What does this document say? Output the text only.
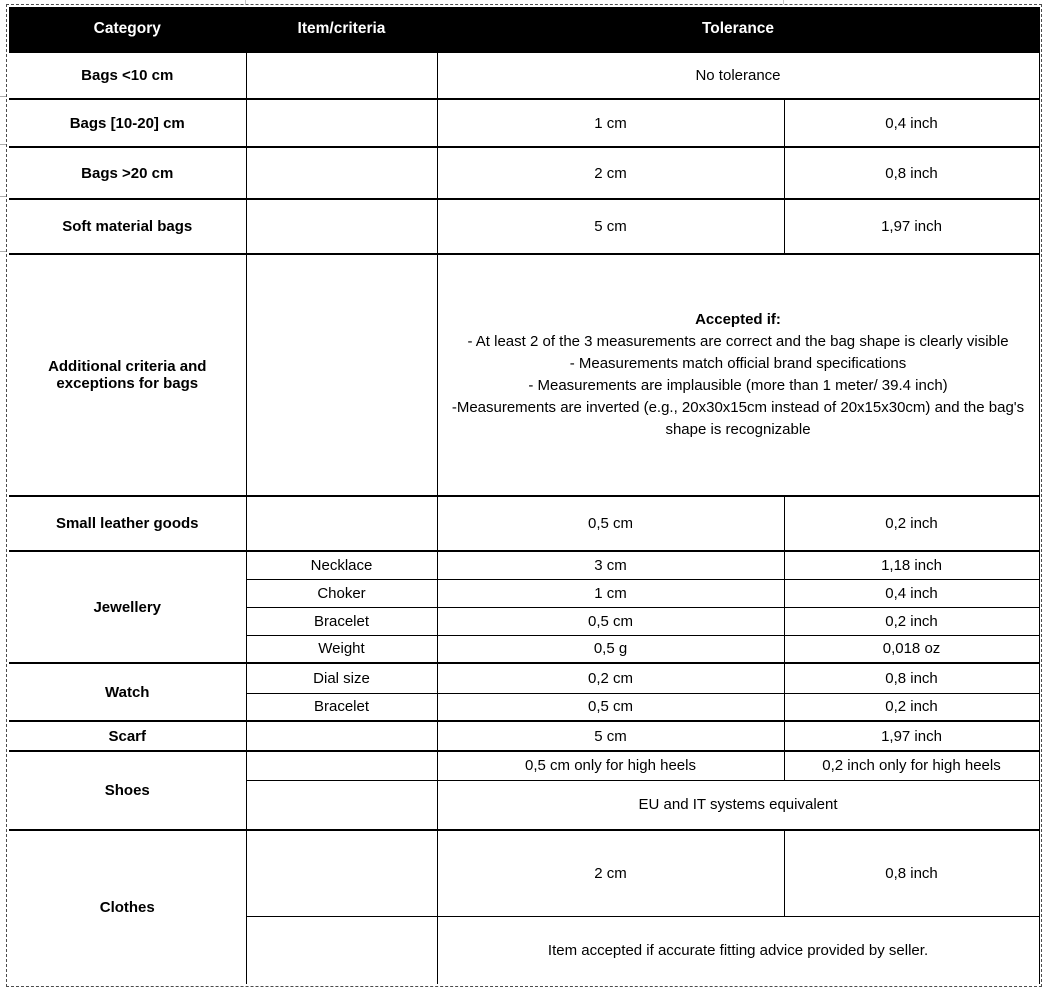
Category	Item/criteria	Tolerance	
Bags <10 cm		No tolerance	
Bags [10-20] cm		1 cm	0,4 inch
Bags >20 cm		2 cm	0,8 inch
Soft material bags		5 cm	1,97 inch
Additional criteria and exceptions for bags		Accepted if:
- At least 2 of the 3 measurements are correct and the bag shape is clearly visible
- Measurements match official brand specifications
- Measurements are implausible (more than 1 meter/ 39.4 inch)
-Measurements are inverted (e.g., 20x30x15cm instead of 20x15x30cm) and the bag's shape is recognizable	

Small leather goods		0,5 cm	0,2 inch
Jewellery	Necklace	3 cm	1,18 inch
	Choker	1 cm	0,4 inch
	Bracelet	0,5 cm	0,2 inch
	Weight	0,5 g	0,018 oz
Watch	Dial size	0,2 cm	0,8 inch
	Bracelet	0,5 cm	0,2 inch
Scarf		5 cm	1,97 inch
Shoes		0,5 cm only for high heels	0,2 inch only for high heels
		EU and IT systems equivalent	
Clothes		2 cm	0,8 inch
		Item accepted if accurate fitting advice provided by seller.	
